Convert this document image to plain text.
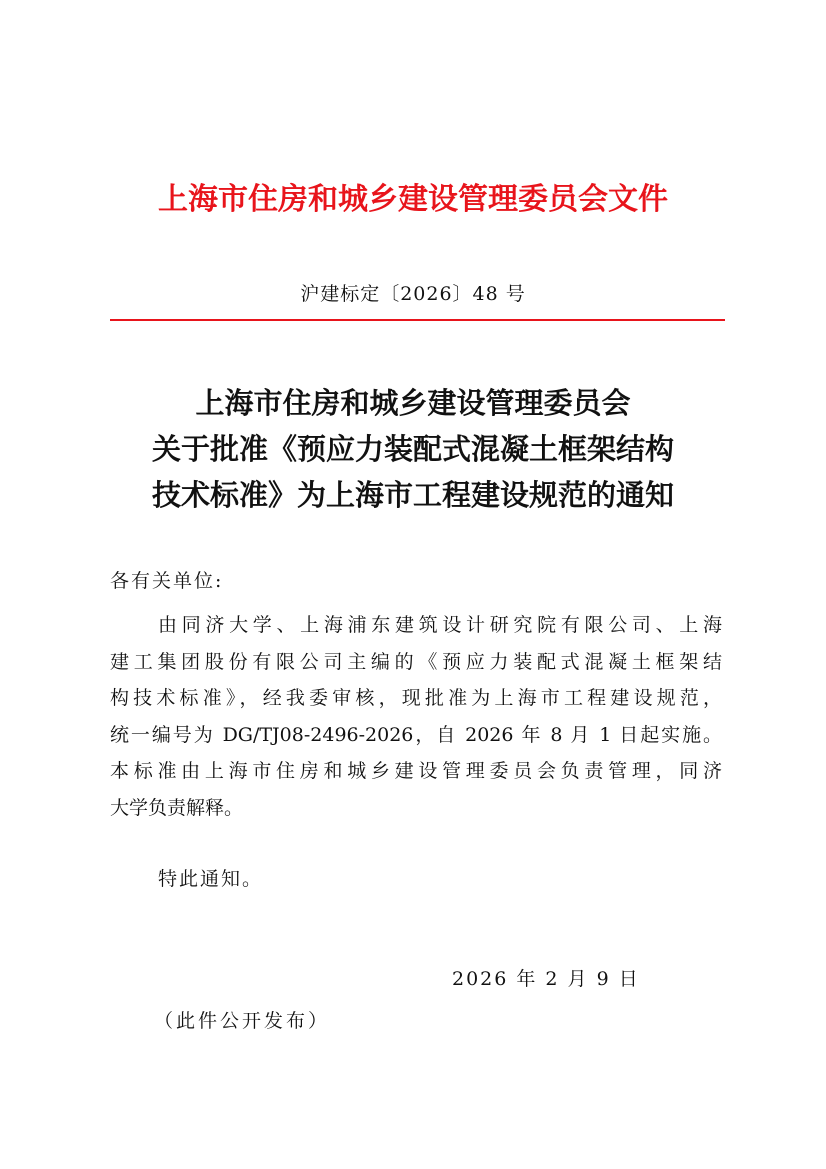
上海市住房和城乡建设管理委员会文件
沪建标定〔2026〕48 号
上海市住房和城乡建设管理委员会
关于批准《预应力装配式混凝土框架结构
技术标准》为上海市工程建设规范的通知
各有关单位:
由同济大学、上海浦东建筑设计研究院有限公司、上海
建工集团股份有限公司主编的《预应力装配式混凝土框架结
构技术标准》，经我委审核，现批准为上海市工程建设规范，
统一编号为 DG/TJ08-2496-2026，自 2026 年 8 月 1 日起实施。
本标准由上海市住房和城乡建设管理委员会负责管理，同济
大学负责解释。
特此通知。
2026 年 2 月 9 日
（此件公开发布）
